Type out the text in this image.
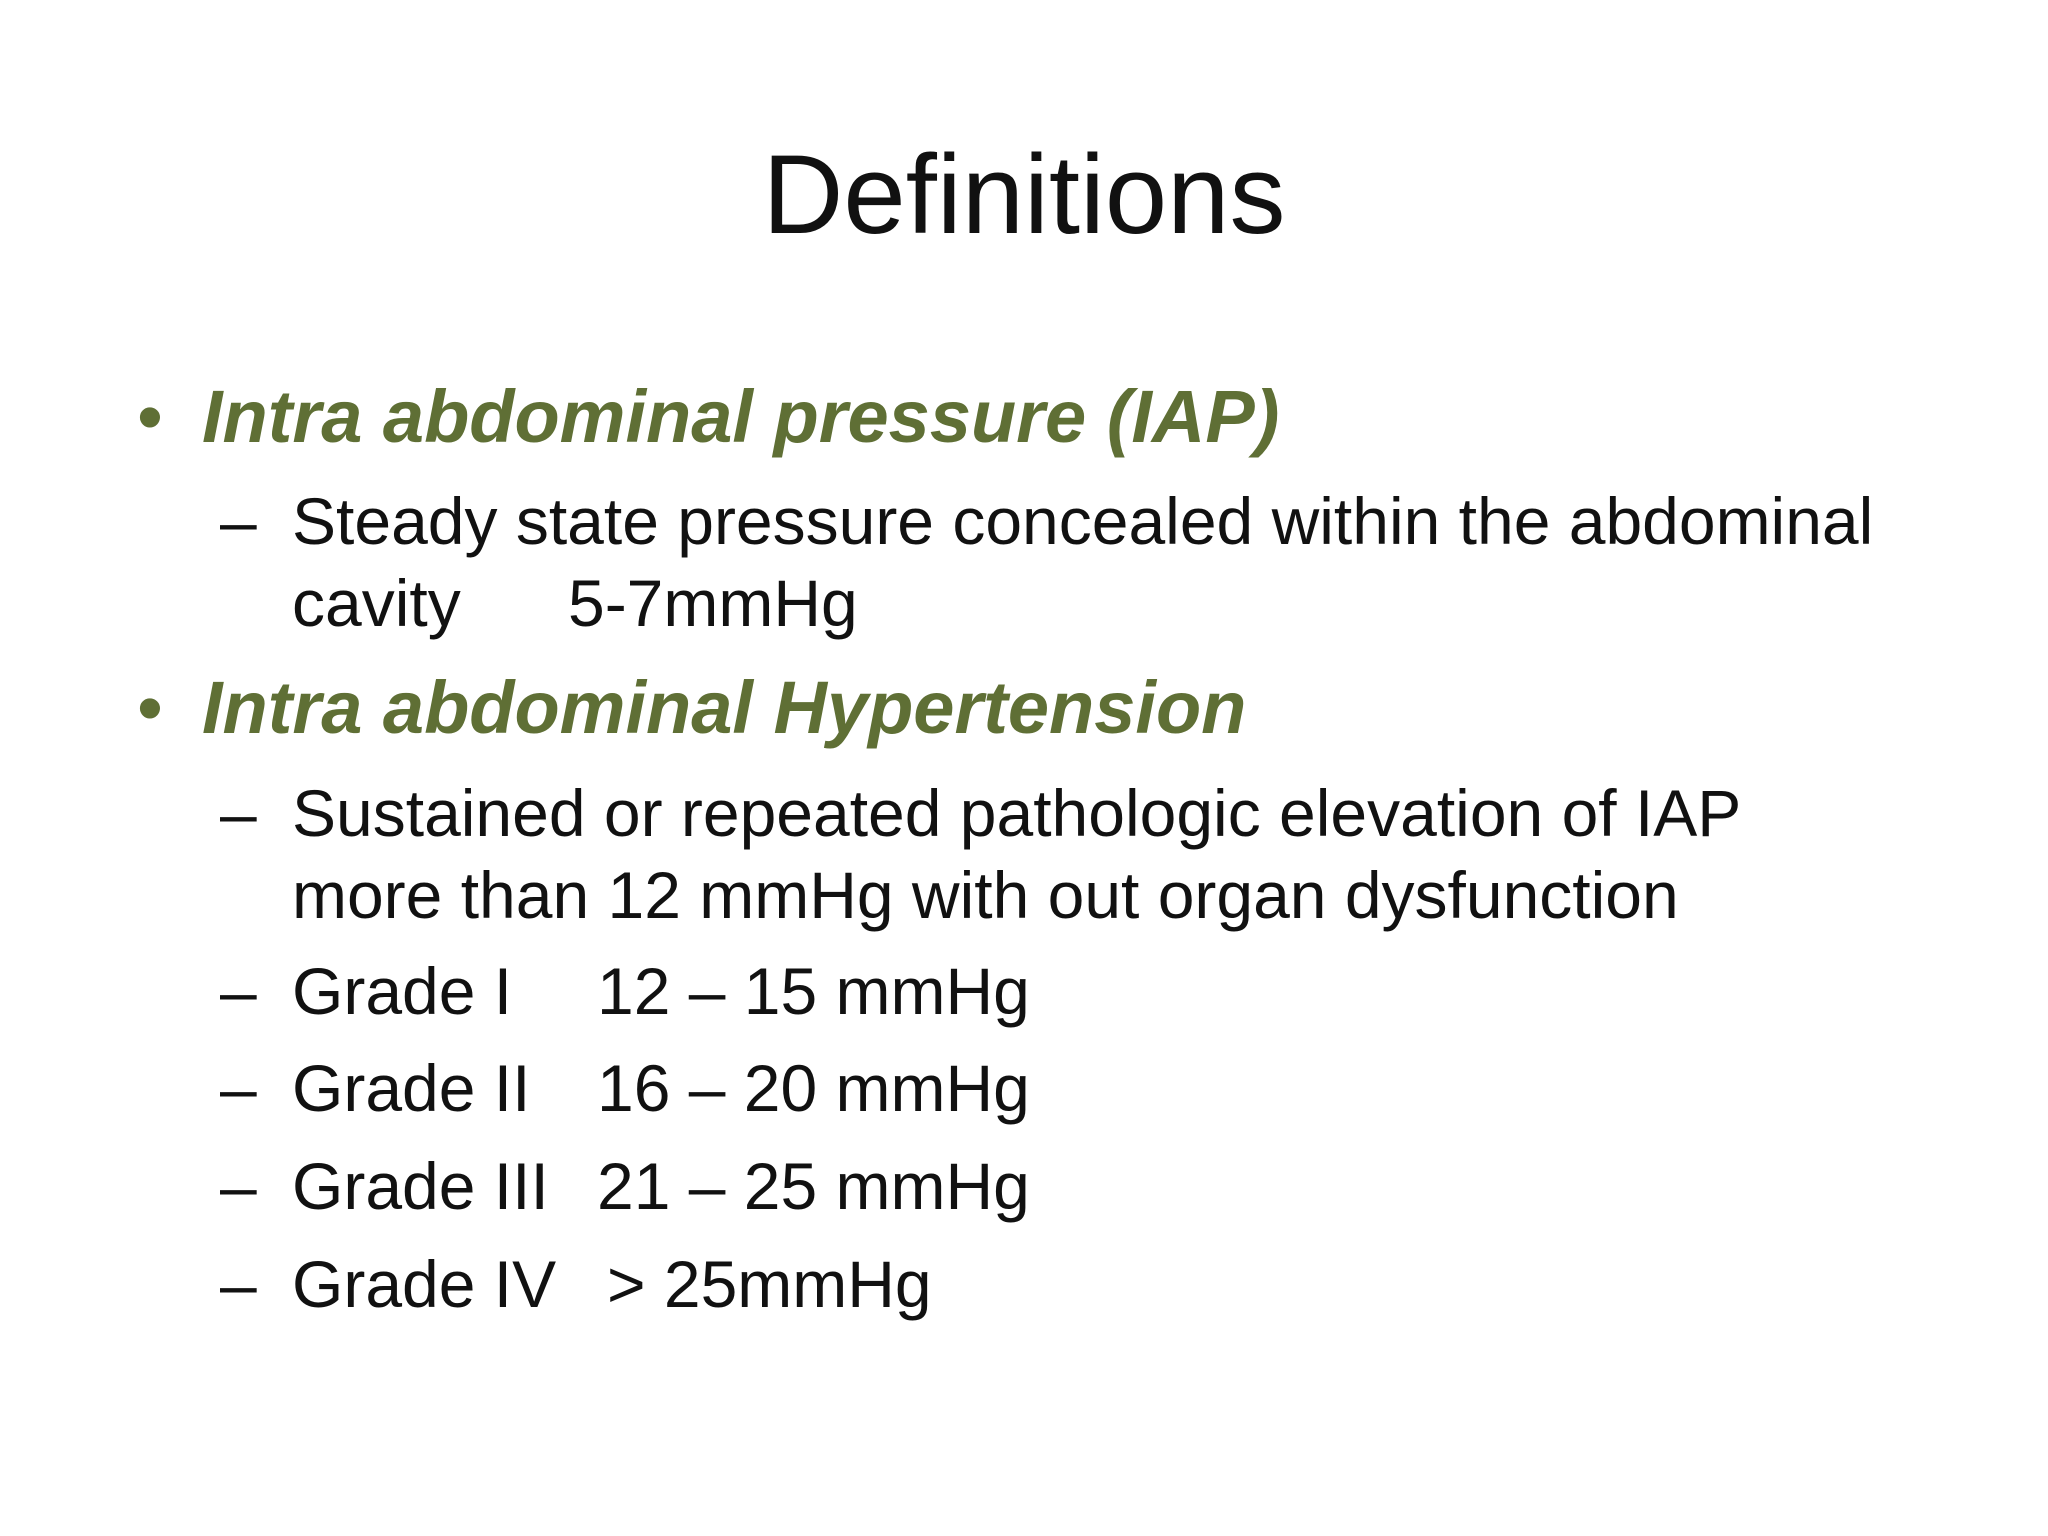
Definitions
• Intra abdominal pressure (IAP)
– Steady state pressure concealed within the abdominal
cavity 5-7mmHg
• Intra abdominal Hypertension
– Sustained or repeated pathologic elevation of IAP
more than 12 mmHg with out organ dysfunction
– Grade I 12 – 15 mmHg
– Grade II 16 – 20 mmHg
– Grade III 21 – 25 mmHg
– Grade IV > 25mmHg
